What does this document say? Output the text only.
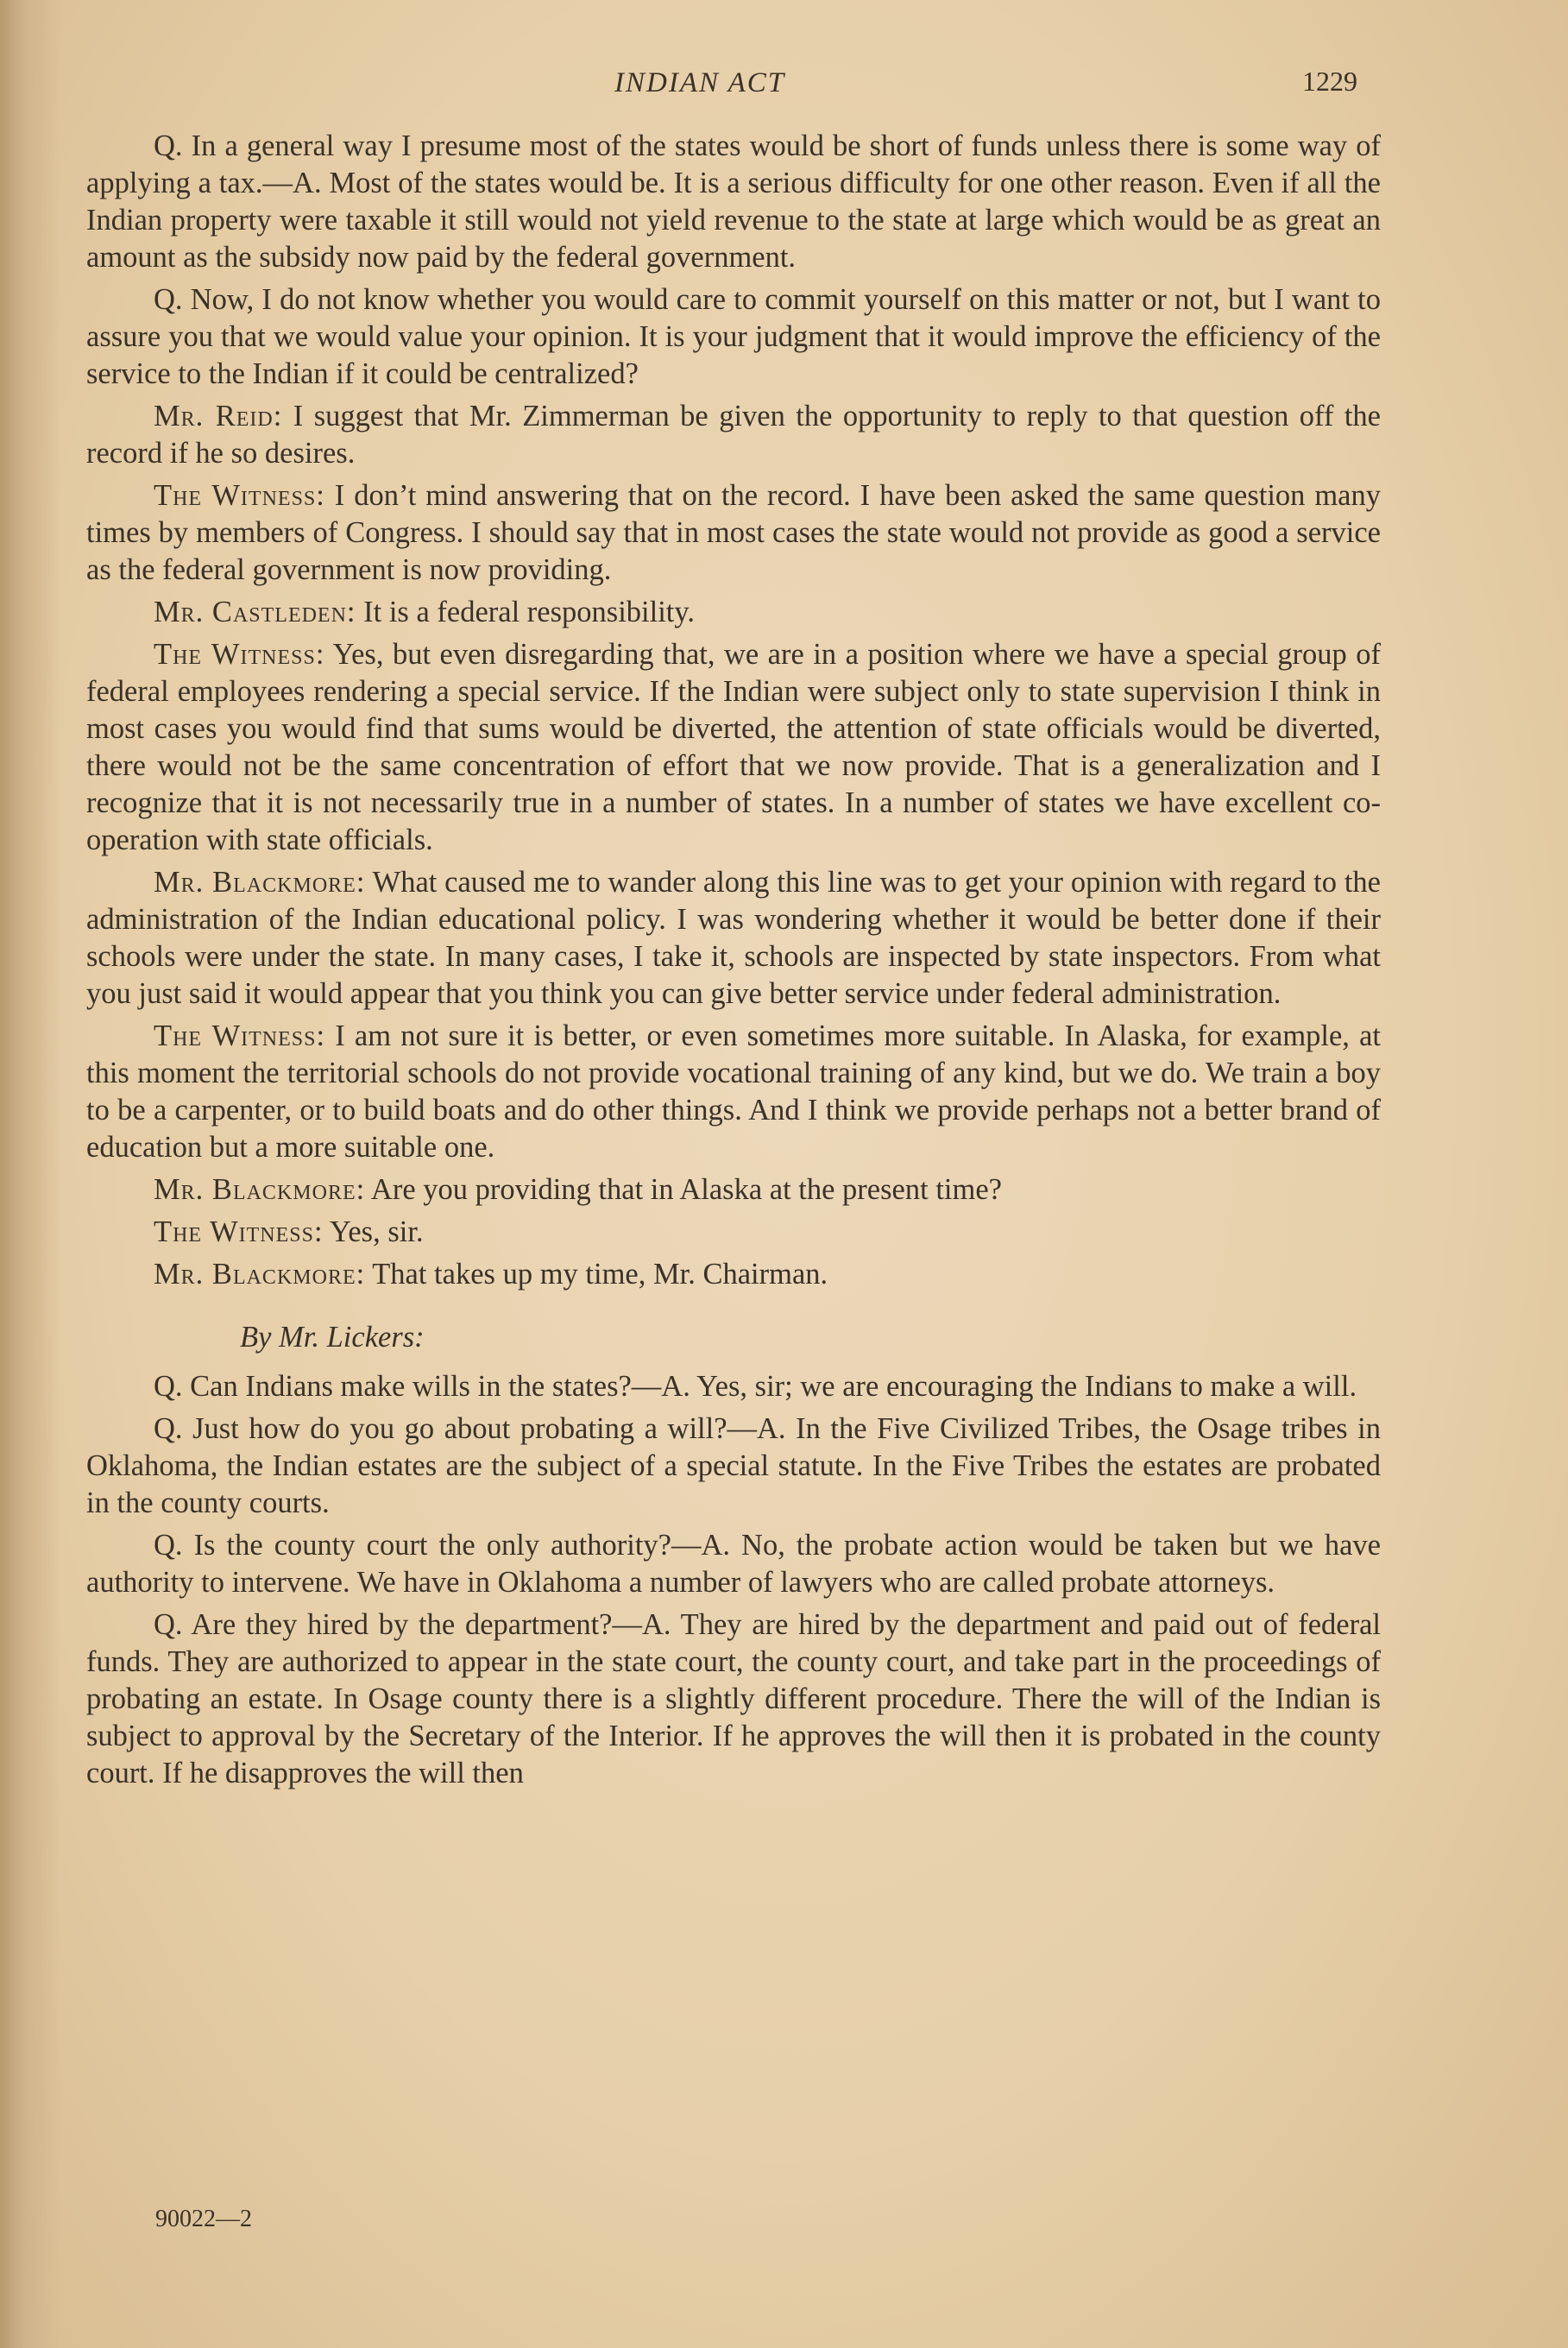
INDIAN ACT	1229

Q. In a general way I presume most of the states would be short of funds unless there is some way of applying a tax.—A. Most of the states would be. It is a serious difficulty for one other reason. Even if all the Indian property were taxable it still would not yield revenue to the state at large which would be as great an amount as the subsidy now paid by the federal government.

Q. Now, I do not know whether you would care to commit yourself on this matter or not, but I want to assure you that we would value your opinion. It is your judgment that it would improve the efficiency of the service to the Indian if it could be centralized?

Mr. Reid: I suggest that Mr. Zimmerman be given the opportunity to reply to that question off the record if he so desires.

The Witness: I don’t mind answering that on the record. I have been asked the same question many times by members of Congress. I should say that in most cases the state would not provide as good a service as the federal government is now providing.

Mr. Castleden: It is a federal responsibility.

The Witness: Yes, but even disregarding that, we are in a position where we have a special group of federal employees rendering a special service. If the Indian were subject only to state supervision I think in most cases you would find that sums would be diverted, the attention of state officials would be diverted, there would not be the same concentration of effort that we now provide. That is a generalization and I recognize that it is not necessarily true in a number of states. In a number of states we have excellent co-operation with state officials.

Mr. Blackmore: What caused me to wander along this line was to get your opinion with regard to the administration of the Indian educational policy. I was wondering whether it would be better done if their schools were under the state. In many cases, I take it, schools are inspected by state inspectors. From what you just said it would appear that you think you can give better service under federal administration.

The Witness: I am not sure it is better, or even sometimes more suitable. In Alaska, for example, at this moment the territorial schools do not provide vocational training of any kind, but we do. We train a boy to be a carpenter, or to build boats and do other things. And I think we provide perhaps not a better brand of education but a more suitable one.

Mr. Blackmore: Are you providing that in Alaska at the present time?

The Witness: Yes, sir.

Mr. Blackmore: That takes up my time, Mr. Chairman.

By Mr. Lickers:

Q. Can Indians make wills in the states?—A. Yes, sir; we are encouraging the Indians to make a will.

Q. Just how do you go about probating a will?—A. In the Five Civilized Tribes, the Osage tribes in Oklahoma, the Indian estates are the subject of a special statute. In the Five Tribes the estates are probated in the county courts.

Q. Is the county court the only authority?—A. No, the probate action would be taken but we have authority to intervene. We have in Oklahoma a number of lawyers who are called probate attorneys.

Q. Are they hired by the department?—A. They are hired by the department and paid out of federal funds. They are authorized to appear in the state court, the county court, and take part in the proceedings of probating an estate. In Osage county there is a slightly different procedure. There the will of the Indian is subject to approval by the Secretary of the Interior. If he approves the will then it is probated in the county court. If he disapproves the will then

90022—2
